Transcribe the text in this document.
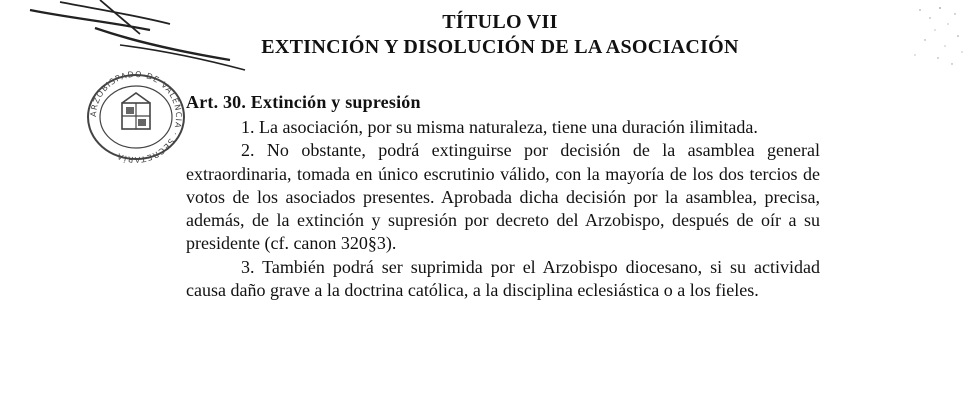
ARZOBISPADO DE VALENCIA · SECRETARÍA
TÍTULO VII
EXTINCIÓN Y DISOLUCIÓN DE LA ASOCIACIÓN
Art. 30. Extinción y supresión

1. La asociación, por su misma naturaleza, tiene una duración ilimitada.

2. No obstante, podrá extinguirse por decisión de la asamblea general extraordinaria, tomada en único escrutinio válido, con la mayoría de los dos tercios de votos de los asociados presentes. Aprobada dicha decisión por la asamblea, precisa, además, de la extinción y supresión por decreto del Arzobispo, después de oír a su presidente (cf. canon 320§3).

3. También podrá ser suprimida por el Arzobispo diocesano, si su actividad causa daño grave a la doctrina católica, a la disciplina eclesiástica o a los fieles.
